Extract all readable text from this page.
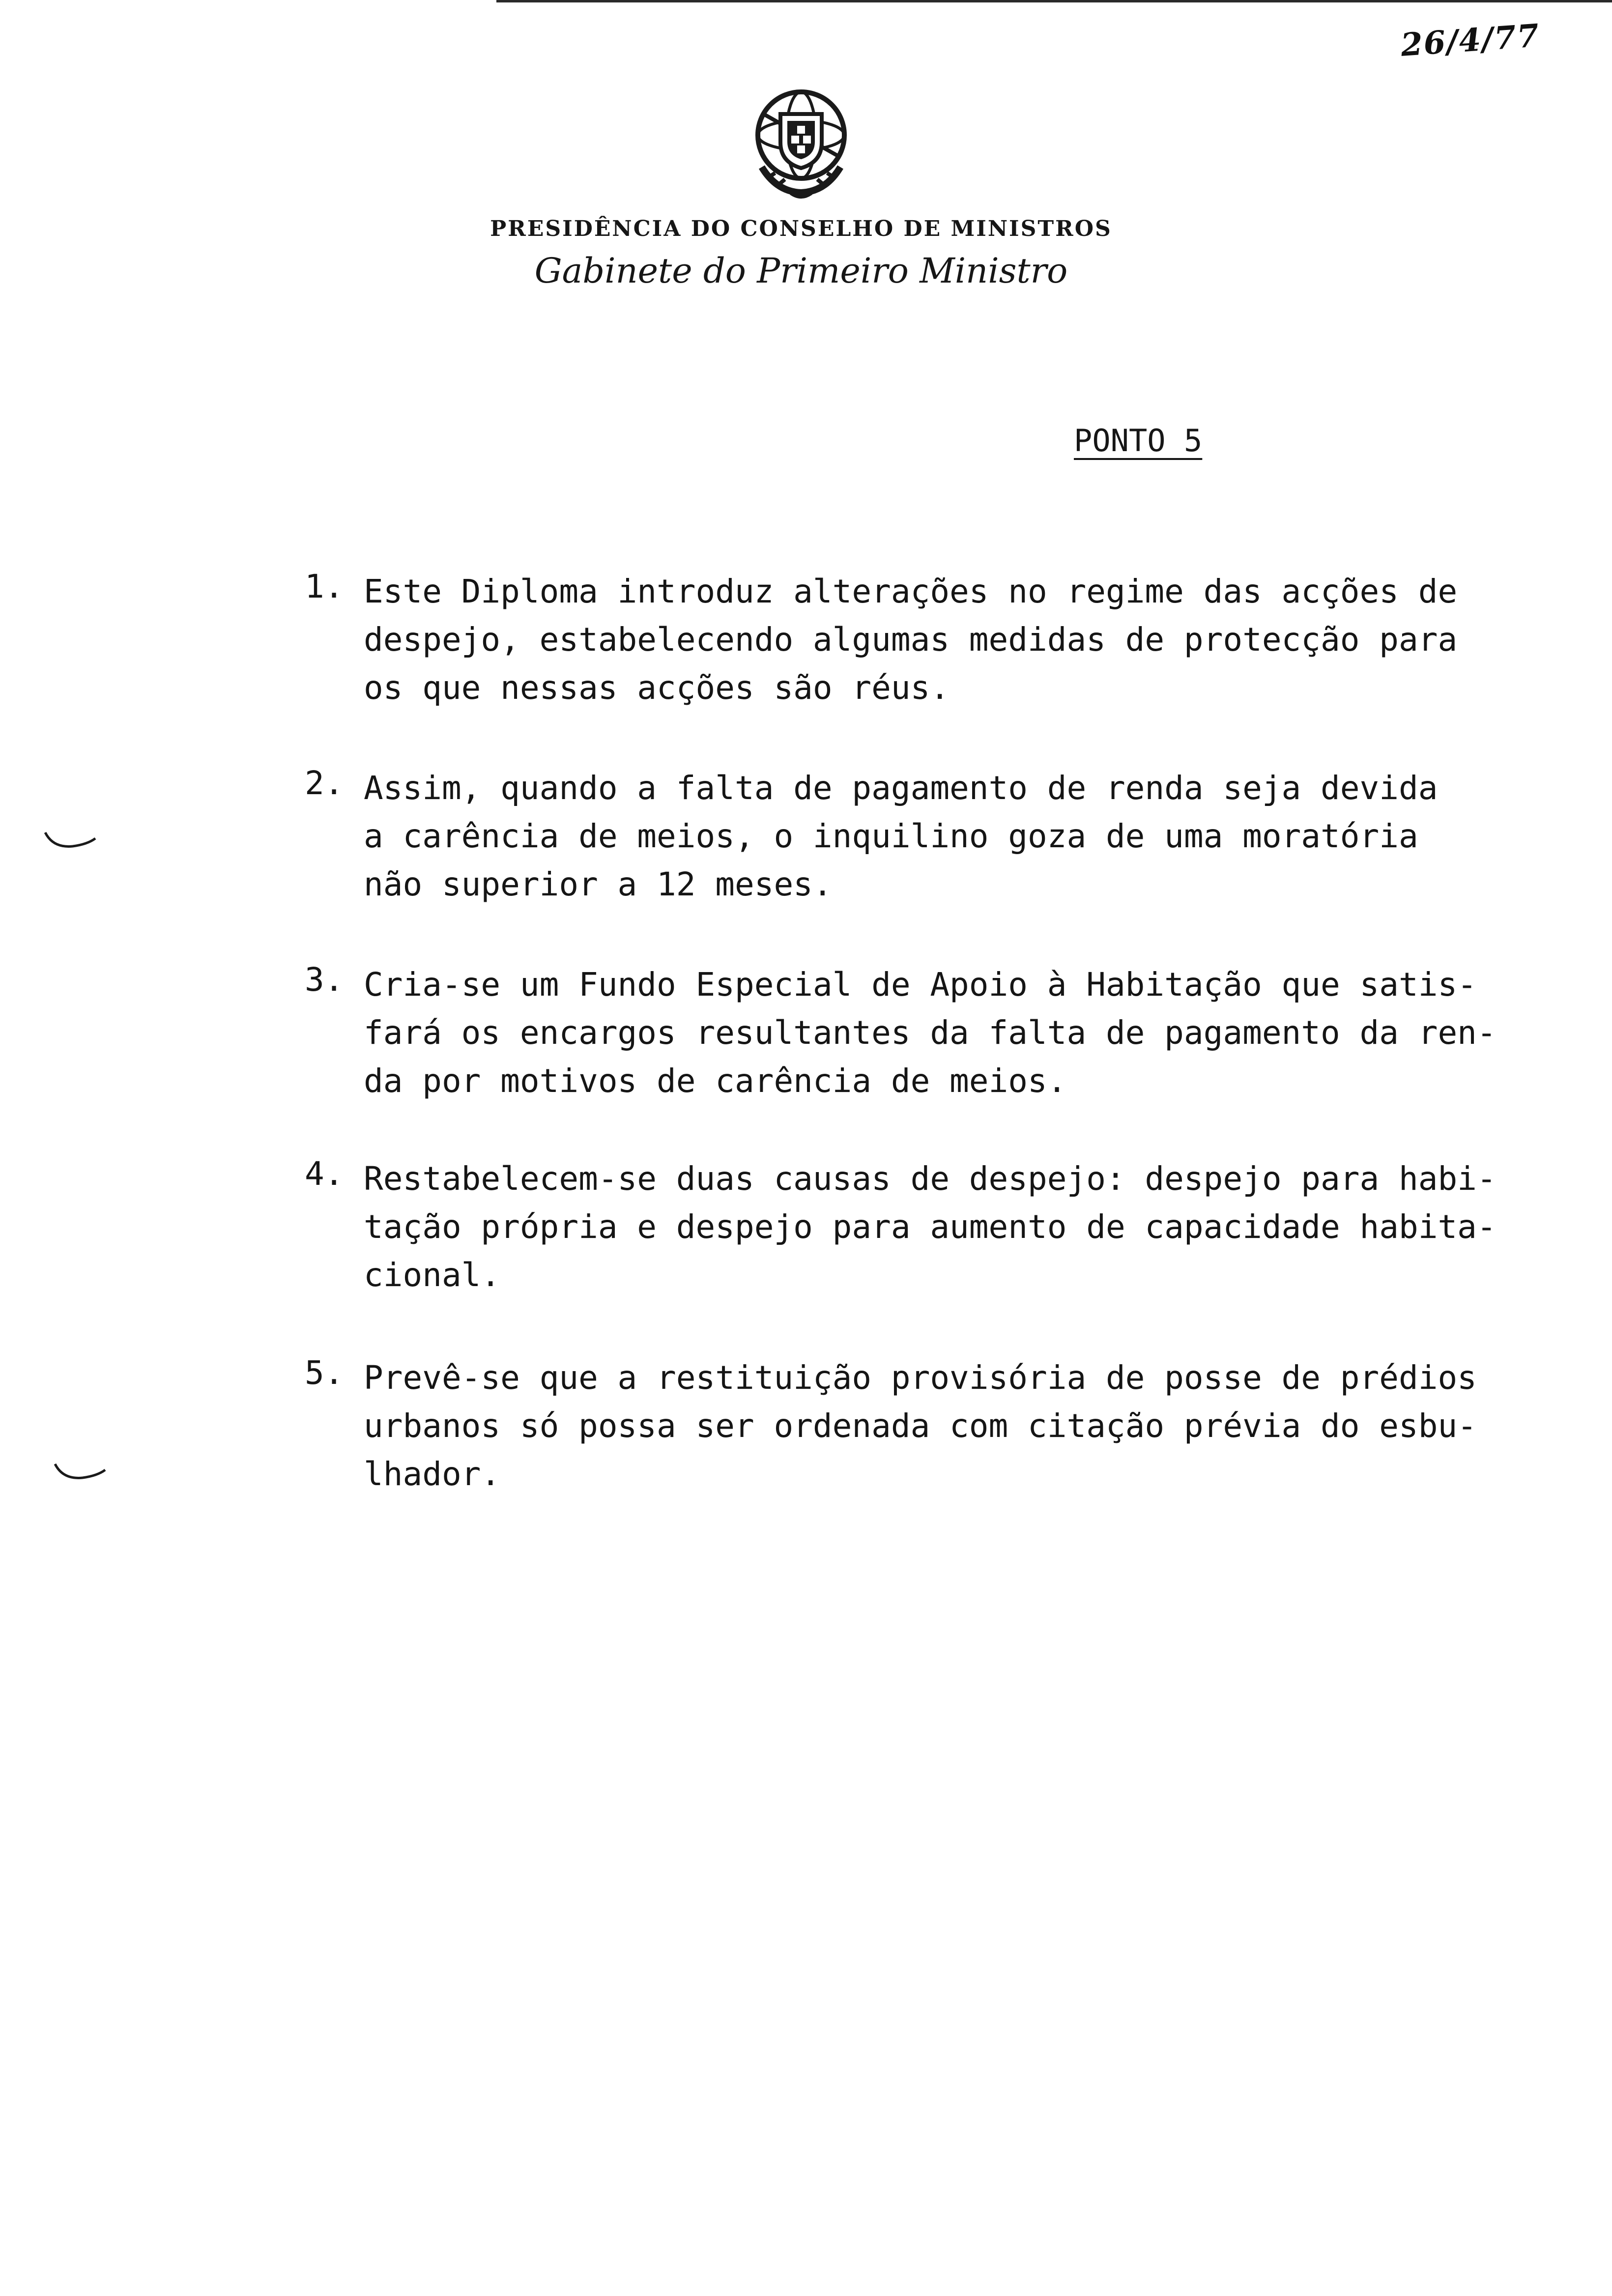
26/4/77
PRESIDÊNCIA DO CONSELHO DE MINISTROS
Gabinete do Primeiro Ministro
PONTO 5
1. Este Diploma introduz alterações no regime das acções de
despejo, estabelecendo algumas medidas de protecção para
os que nessas acções são réus.
2. Assim, quando a falta de pagamento de renda seja devida
a carência de meios, o inquilino goza de uma moratória
não superior a 12 meses.
3. Cria-se um Fundo Especial de Apoio à Habitação que satis-
fará os encargos resultantes da falta de pagamento da ren-
da por motivos de carência de meios.
4. Restabelecem-se duas causas de despejo: despejo para habi-
tação própria e despejo para aumento de capacidade habita-
cional.
5. Prevê-se que a restituição provisória de posse de prédios
urbanos só possa ser ordenada com citação prévia do esbu-
lhador.
